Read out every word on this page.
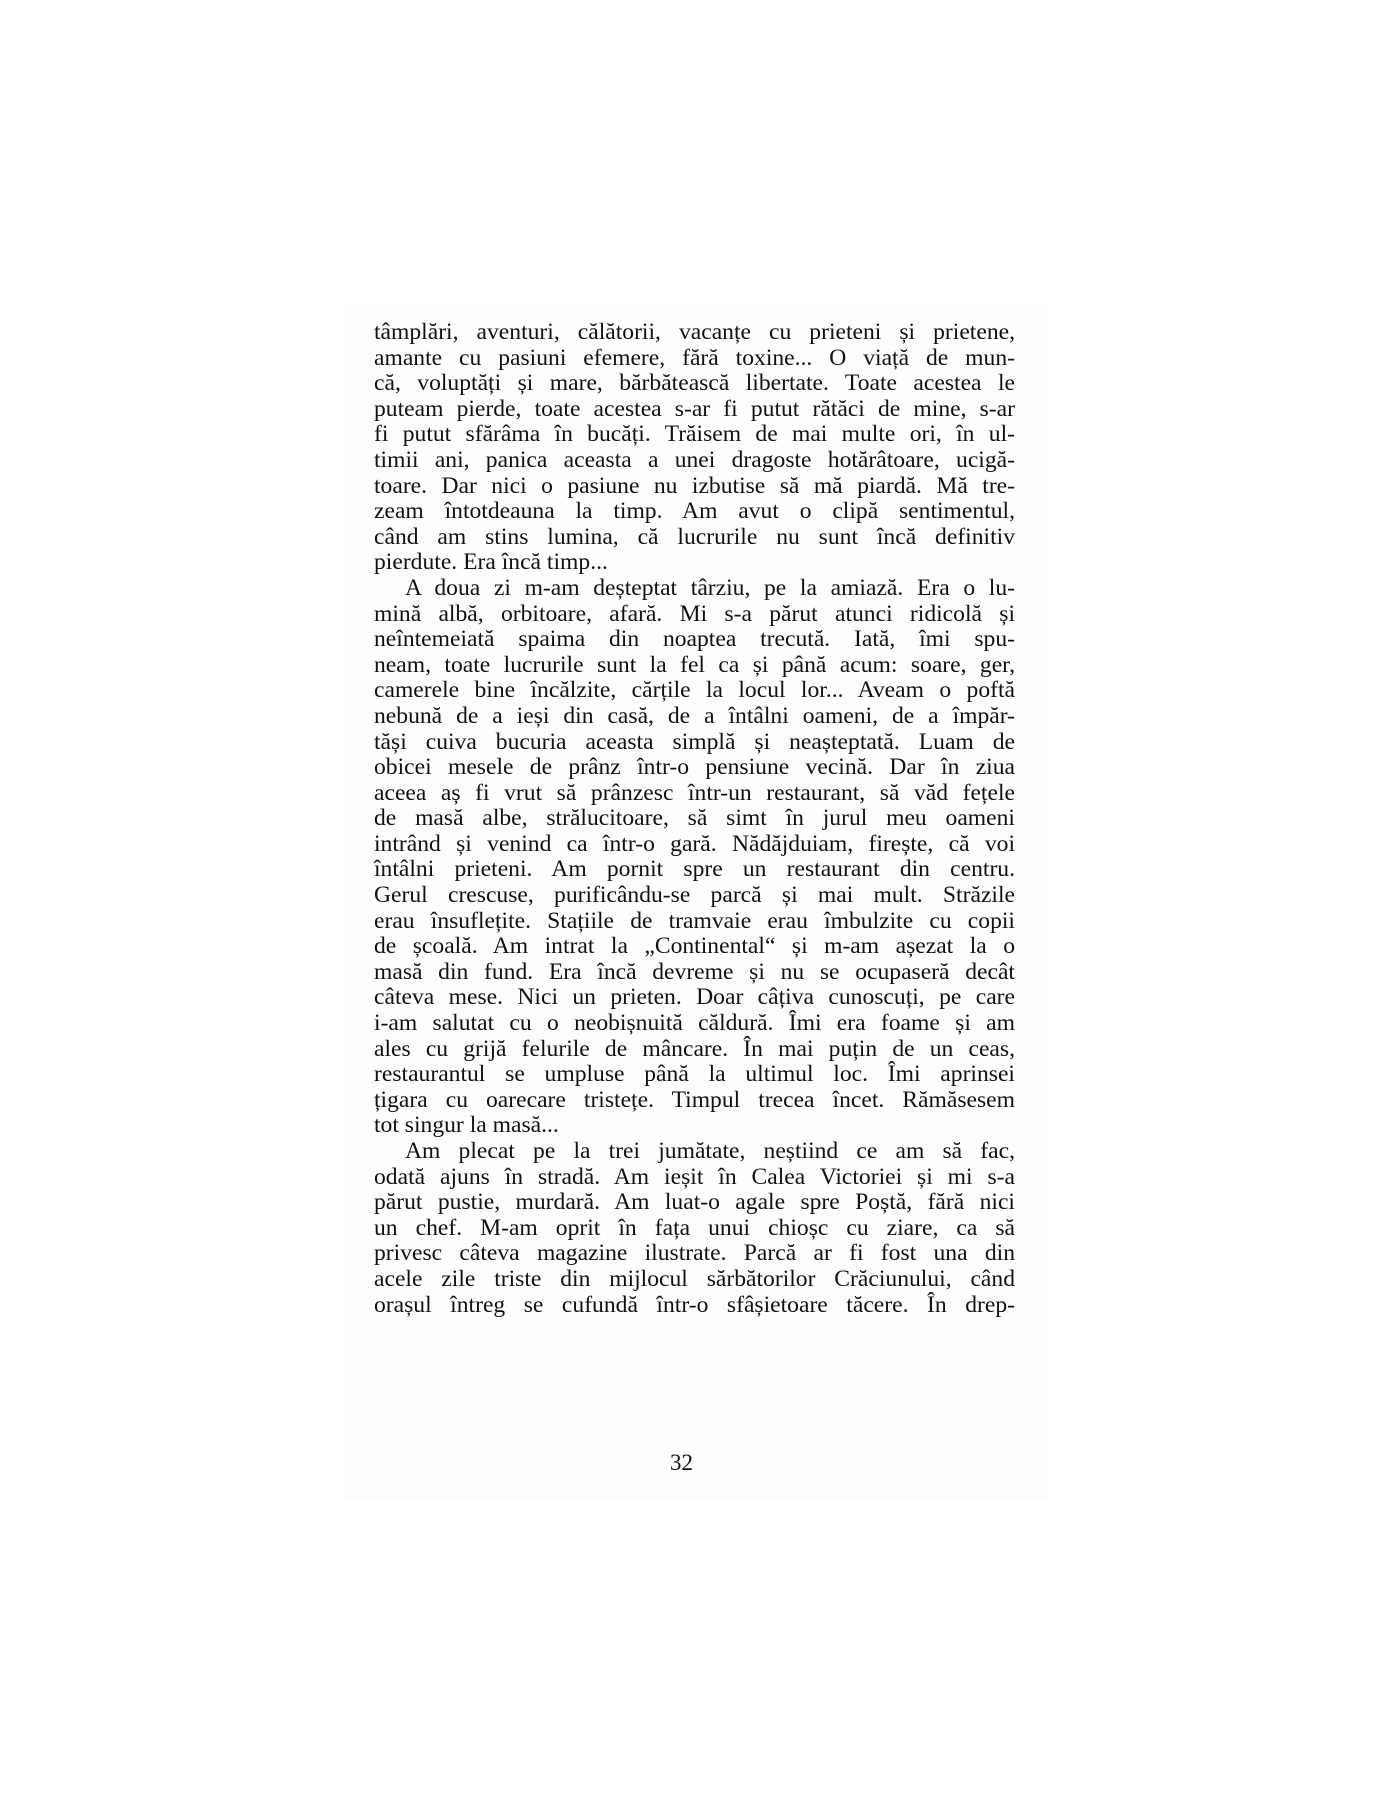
tâmplări, aventuri, călătorii, vacanțe cu prieteni și prietene,
amante cu pasiuni efemere, fără toxine... O viață de mun-
că, voluptăți și mare, bărbătească libertate. Toate acestea le
puteam pierde, toate acestea s-ar fi putut rătăci de mine, s-ar
fi putut sfărâma în bucăți. Trăisem de mai multe ori, în ul-
timii ani, panica aceasta a unei dragoste hotărâtoare, ucigă-
toare. Dar nici o pasiune nu izbutise să mă piardă. Mă tre-
zeam întotdeauna la timp. Am avut o clipă sentimentul,
când am stins lumina, că lucrurile nu sunt încă definitiv
pierdute. Era încă timp...
A doua zi m-am deșteptat târziu, pe la amiază. Era o lu-
mină albă, orbitoare, afară. Mi s-a părut atunci ridicolă și
neîntemeiată spaima din noaptea trecută. Iată, îmi spu-
neam, toate lucrurile sunt la fel ca și până acum: soare, ger,
camerele bine încălzite, cărțile la locul lor... Aveam o poftă
nebună de a ieși din casă, de a întâlni oameni, de a împăr-
tăși cuiva bucuria aceasta simplă și neașteptată. Luam de
obicei mesele de prânz într-o pensiune vecină. Dar în ziua
aceea aș fi vrut să prânzesc într-un restaurant, să văd fețele
de masă albe, strălucitoare, să simt în jurul meu oameni
intrând și venind ca într-o gară. Nădăjduiam, firește, că voi
întâlni prieteni. Am pornit spre un restaurant din centru.
Gerul crescuse, purificându-se parcă și mai mult. Străzile
erau însuflețite. Stațiile de tramvaie erau îmbulzite cu copii
de școală. Am intrat la „Continental“ și m-am așezat la o
masă din fund. Era încă devreme și nu se ocupaseră decât
câteva mese. Nici un prieten. Doar câțiva cunoscuți, pe care
i-am salutat cu o neobișnuită căldură. Îmi era foame și am
ales cu grijă felurile de mâncare. În mai puțin de un ceas,
restaurantul se umpluse până la ultimul loc. Îmi aprinsei
țigara cu oarecare tristețe. Timpul trecea încet. Rămăsesem
tot singur la masă...
Am plecat pe la trei jumătate, neștiind ce am să fac,
odată ajuns în stradă. Am ieșit în Calea Victoriei și mi s-a
părut pustie, murdară. Am luat-o agale spre Poștă, fără nici
un chef. M-am oprit în fața unui chioșc cu ziare, ca să
privesc câteva magazine ilustrate. Parcă ar fi fost una din
acele zile triste din mijlocul sărbătorilor Crăciunului, când
orașul întreg se cufundă într-o sfâșietoare tăcere. În drep-
32
